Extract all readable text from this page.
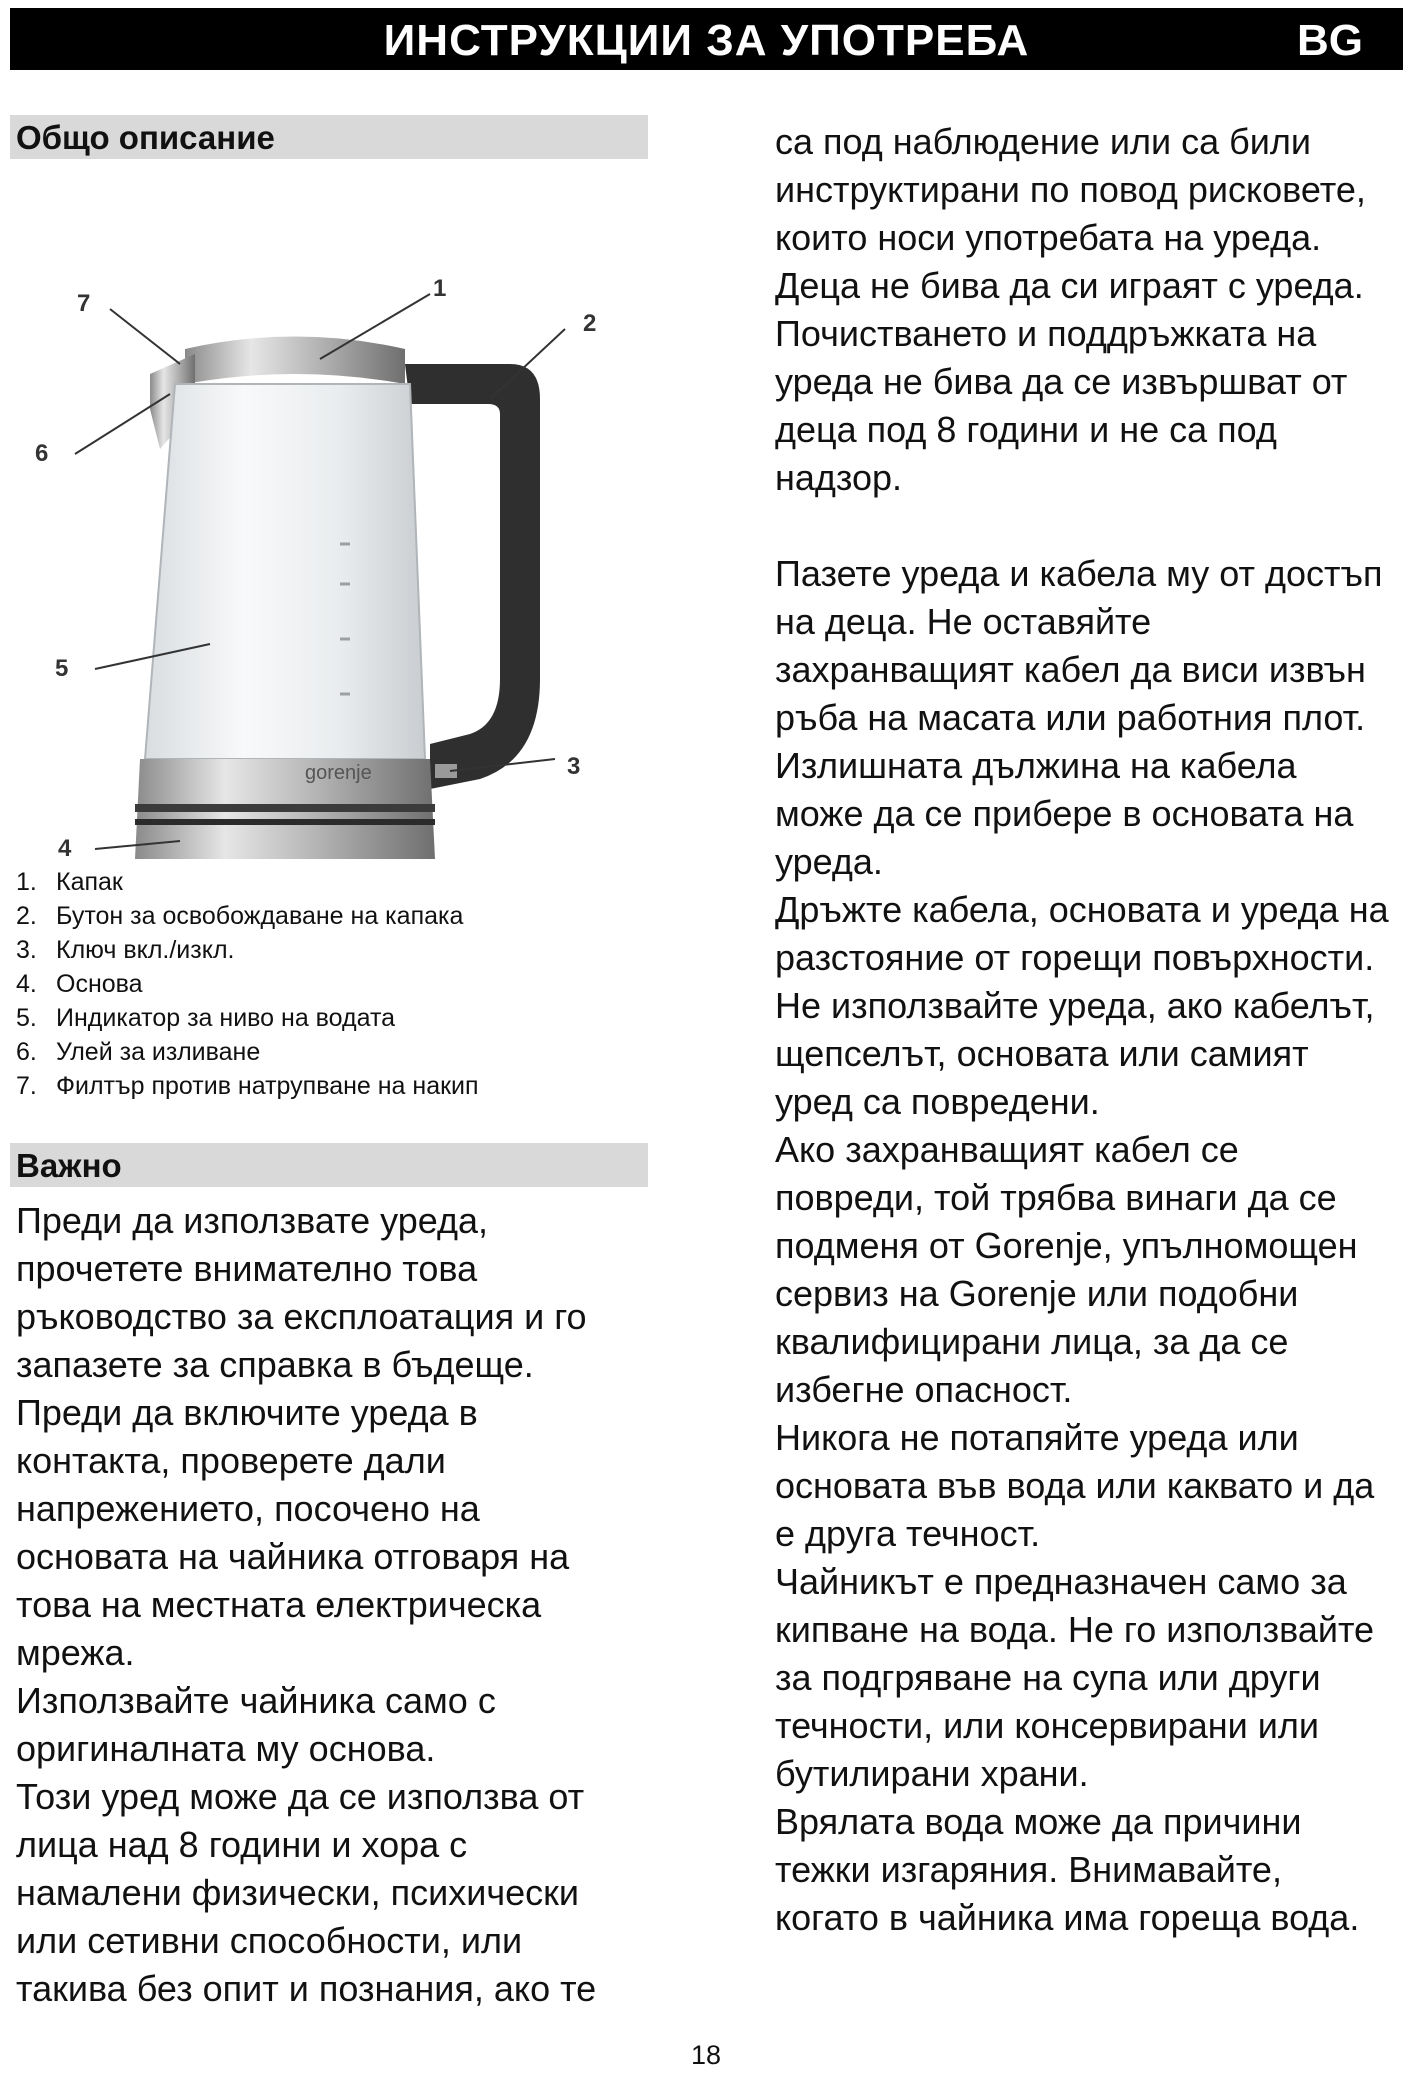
ИНСТРУКЦИИ ЗА УПОТРЕБА	BG
Общо описание
gorenje
1
2
3
4
5
6
7
1. Капак
2. Бутон за освобождаване на капака
3. Ключ вкл./изкл.
4. Основа
5. Индикатор за ниво на водата
6. Улей за изливане
7. Филтър против натрупване на накип
Важно
Преди да използвате уреда,
прочетете внимателно това
ръководство за експлоатация и го
запазете за справка в бъдеще.
Преди да включите уреда в
контакта, проверете дали
напрежението, посочено на
основата на чайника отговаря на
това на местната електрическа
мрежа.
Използвайте чайника само с
оригиналната му основа.
Този уред може да се използва от
лица над 8 години и хора с
намалени физически, психически
или сетивни способности, или
такива без опит и познания, ако те
са под наблюдение или са били
инструктирани по повод рисковете,
които носи употребата на уреда.
Деца не бива да си играят с уреда.
Почистването и поддръжката на
уреда не бива да се извършват от
деца под 8 години и не са под
надзор.
Пазете уреда и кабела му от достъп
на деца. Не оставяйте
захранващият кабел да виси извън
ръба на масата или работния плот.
Излишната дължина на кабела
може да се прибере в основата на
уреда.
Дръжте кабела, основата и уреда на
разстояние от горещи повърхности.
Не използвайте уреда, ако кабелът,
щепселът, основата или самият
уред са повредени.
Ако захранващият кабел се
повреди, той трябва винаги да се
подменя от Gorenje, упълномощен
сервиз на Gorenje или подобни
квалифицирани лица, за да се
избегне опасност.
Никога не потапяйте уреда или
основата във вода или каквато и да
е друга течност.
Чайникът е предназначен само за
кипване на вода. Не го използвайте
за подгряване на супа или други
течности, или консервирани или
бутилирани храни.
Врялата вода може да причини
тежки изгаряния. Внимавайте,
когато в чайника има гореща вода.
18
